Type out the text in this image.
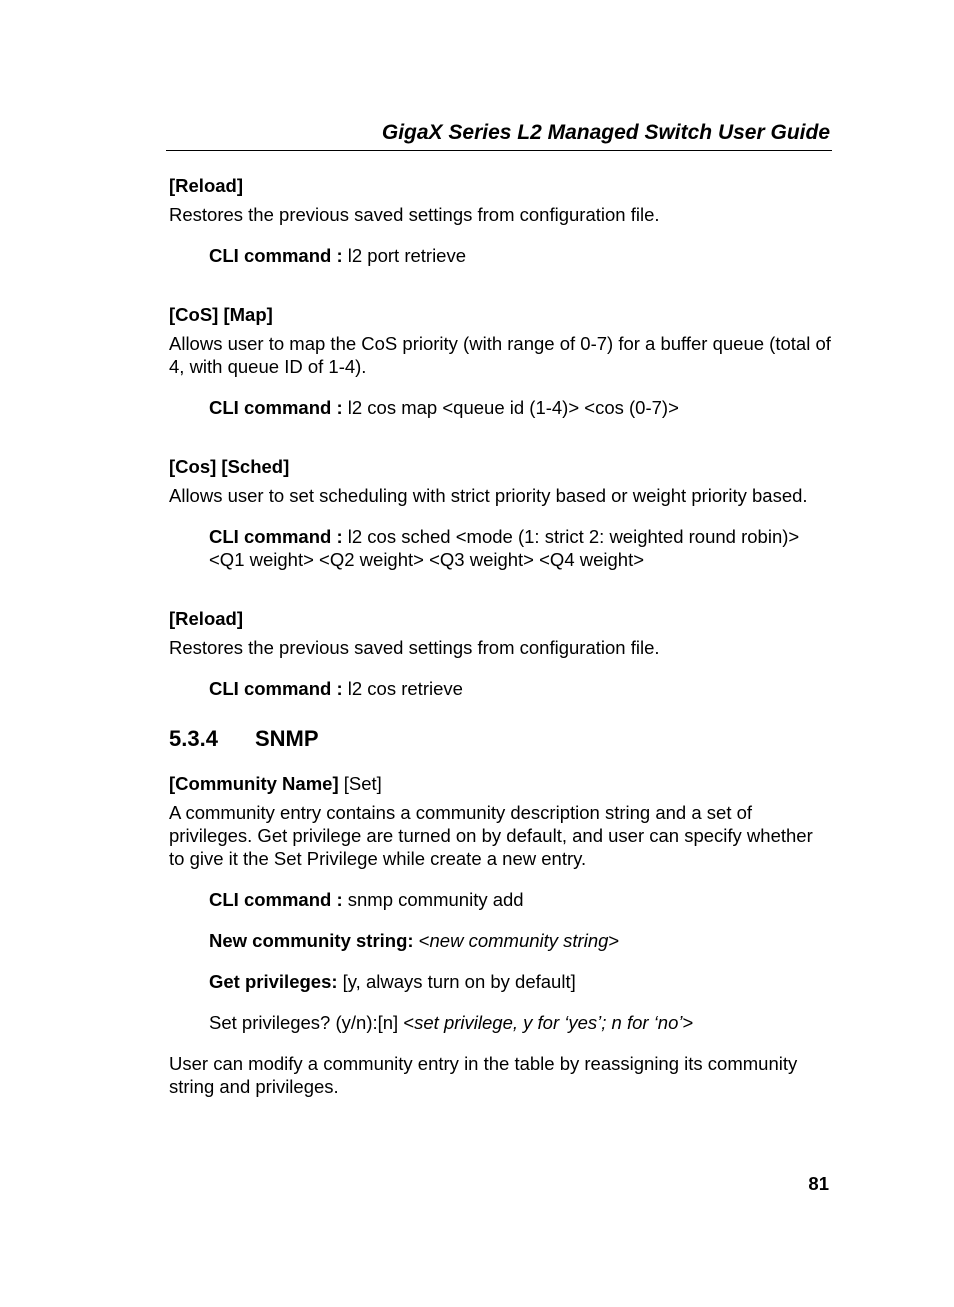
GigaX Series L2 Managed Switch User Guide

[Reload]

Restores the previous saved settings from configuration file.

CLI command : l2 port retrieve

[CoS] [Map]

Allows user to map the CoS priority (with range of 0-7) for a buffer queue (total of 4, with queue ID of 1-4).

CLI command : l2 cos map <queue id (1-4)> <cos (0-7)>

[Cos] [Sched]

Allows user to set scheduling with strict priority based or weight priority based.

CLI command : l2 cos sched <mode (1: strict 2: weighted round robin)> <Q1 weight> <Q2 weight> <Q3 weight> <Q4 weight>

[Reload]

Restores the previous saved settings from configuration file.

CLI command : l2 cos retrieve

5.3.4 SNMP

[Community Name] [Set]

A community entry contains a community description string and a set of privileges. Get privilege are turned on by default, and user can specify whether to give it the Set Privilege while create a new entry.

CLI command : snmp community add

New community string: <new community string>

Get privileges: [y, always turn on by default]

Set privileges? (y/n):[n] <set privilege, y for ‘yes’; n for ‘no’>

User can modify a community entry in the table by reassigning its community string and privileges.

81
